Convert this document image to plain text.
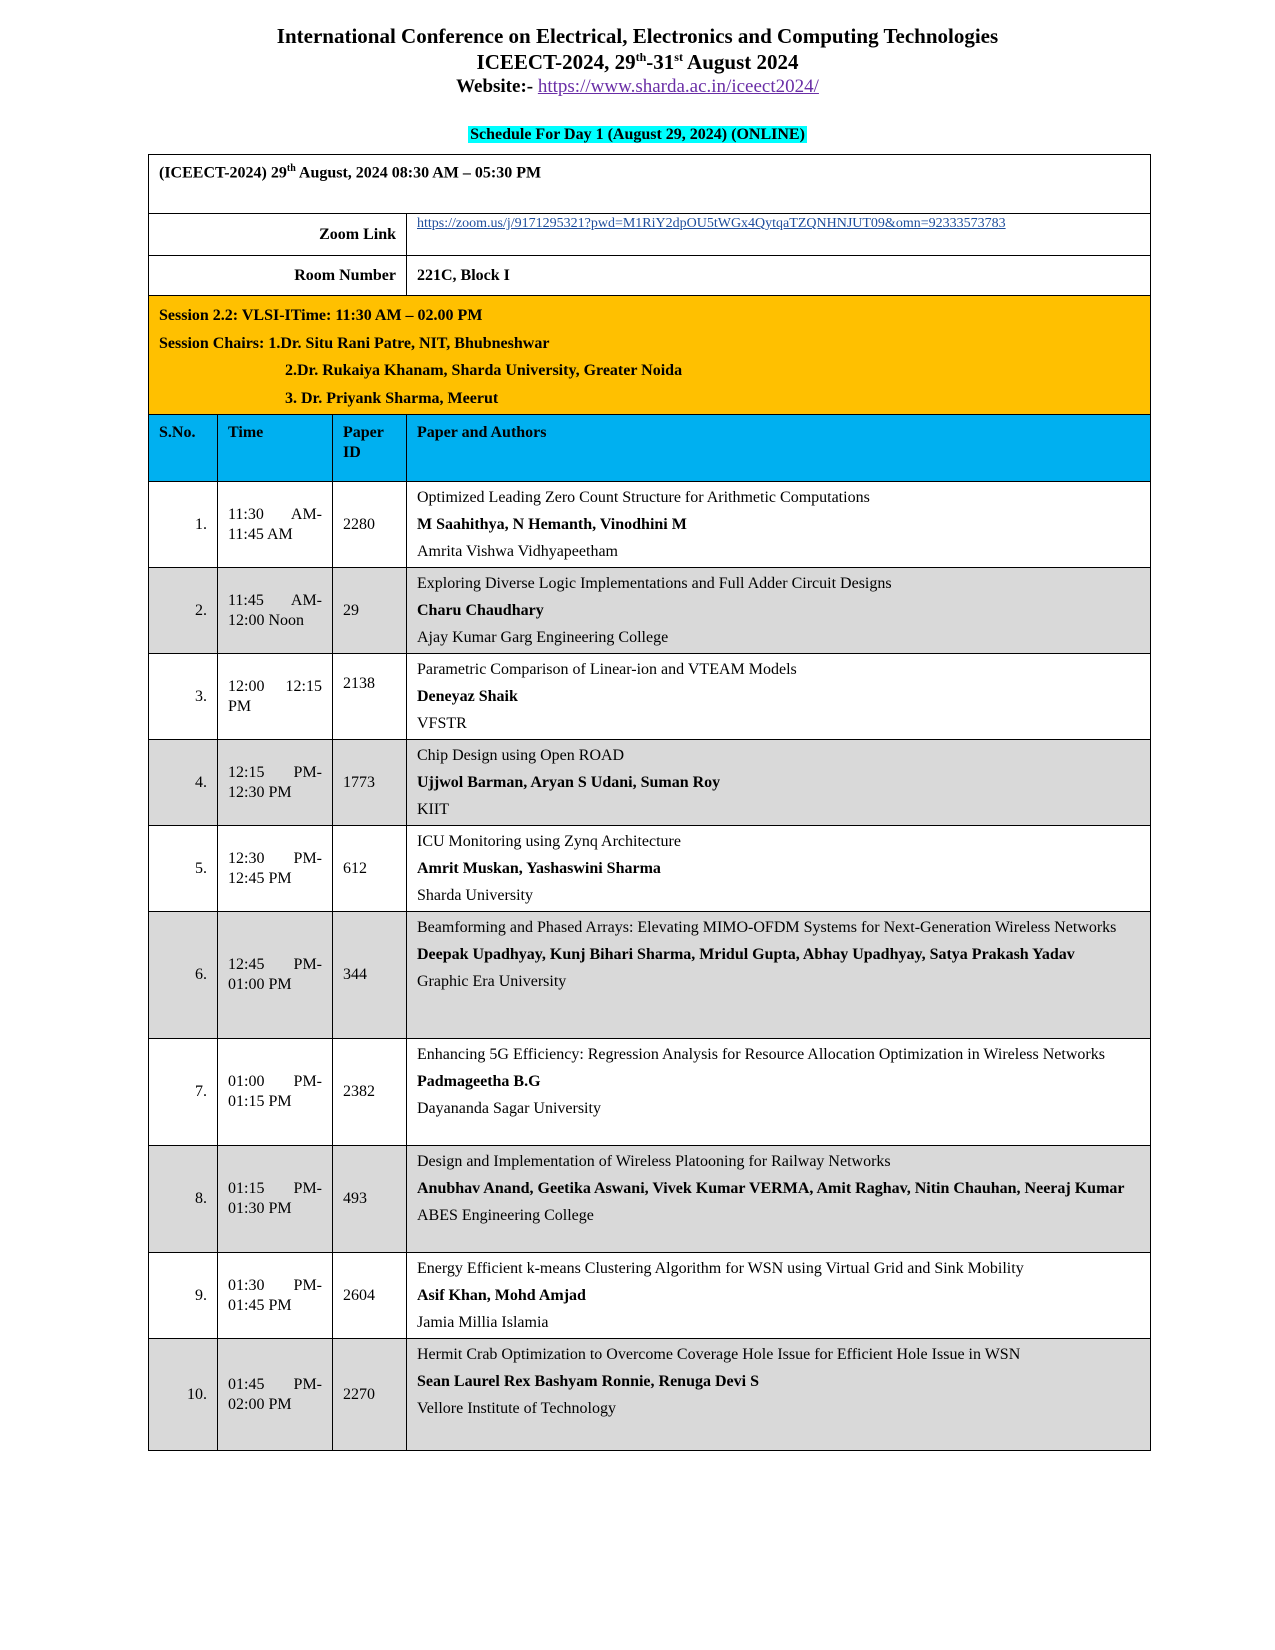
International Conference on Electrical, Electronics and Computing Technologies
ICEECT-2024, 29th-31st August 2024
Website:- https://www.sharda.ac.in/iceect2024/
Schedule For Day 1 (August 29, 2024) (ONLINE)
(ICEECT-2024) 29th August, 2024 08:30 AM – 05:30 PM			
Zoom Link			https://zoom.us/j/9171295321?pwd=M1RiY2dpOU5tWGx4QytqaTZQNHNJUT09&omn=92333573783
Room Number			221C, Block I

Session 2.2: VLSI-ITime: 11:30 AM – 02.00 PM
Session Chairs: 1.Dr. Situ Rani Patre, NIT, Bhubneshwar
2.Dr. Rukaiya Khanam, Sharda University, Greater Noida
3. Dr. Priyank Sharma, Meerut			

S.No.	Time	Paper ID	Paper and Authors
1.	11:30 AM-11:45 AM	2280	Optimized Leading Zero Count Structure for Arithmetic Computations
M Saahithya, N Hemanth, Vinodhini M
Amrita Vishwa Vidhyapeetham

2.	11:45 AM-12:00 Noon	29	Exploring Diverse Logic Implementations and Full Adder Circuit Designs
Charu Chaudhary
Ajay Kumar Garg Engineering College

3.	12:00 12:15 PM	2138	Parametric Comparison of Linear-ion and VTEAM Models
Deneyaz Shaik
VFSTR

4.	12:15 PM-12:30 PM	1773	Chip Design using Open ROAD
Ujjwol Barman, Aryan S Udani, Suman Roy
KIIT

5.	12:30 PM-12:45 PM	612	ICU Monitoring using Zynq Architecture
Amrit Muskan, Yashaswini Sharma
Sharda University

6.	12:45 PM-01:00 PM	344	Beamforming and Phased Arrays: Elevating MIMO-OFDM Systems for Next-Generation Wireless Networks
Deepak Upadhyay, Kunj Bihari Sharma, Mridul Gupta, Abhay Upadhyay, Satya Prakash Yadav
Graphic Era University

7.	01:00 PM-01:15 PM	2382	Enhancing 5G Efficiency: Regression Analysis for Resource Allocation Optimization in Wireless Networks
Padmageetha B.G
Dayananda Sagar University

8.	01:15 PM-01:30 PM	493	Design and Implementation of Wireless Platooning for Railway Networks
Anubhav Anand, Geetika Aswani, Vivek Kumar VERMA, Amit Raghav, Nitin Chauhan, Neeraj Kumar
ABES Engineering College

9.	01:30 PM-01:45 PM	2604	Energy Efficient k-means Clustering Algorithm for WSN using Virtual Grid and Sink Mobility
Asif Khan, Mohd Amjad
Jamia Millia Islamia

10.	01:45 PM-02:00 PM	2270	Hermit Crab Optimization to Overcome Coverage Hole Issue for Efficient Hole Issue in WSN
Sean Laurel Rex Bashyam Ronnie, Renuga Devi S
Vellore Institute of Technology
